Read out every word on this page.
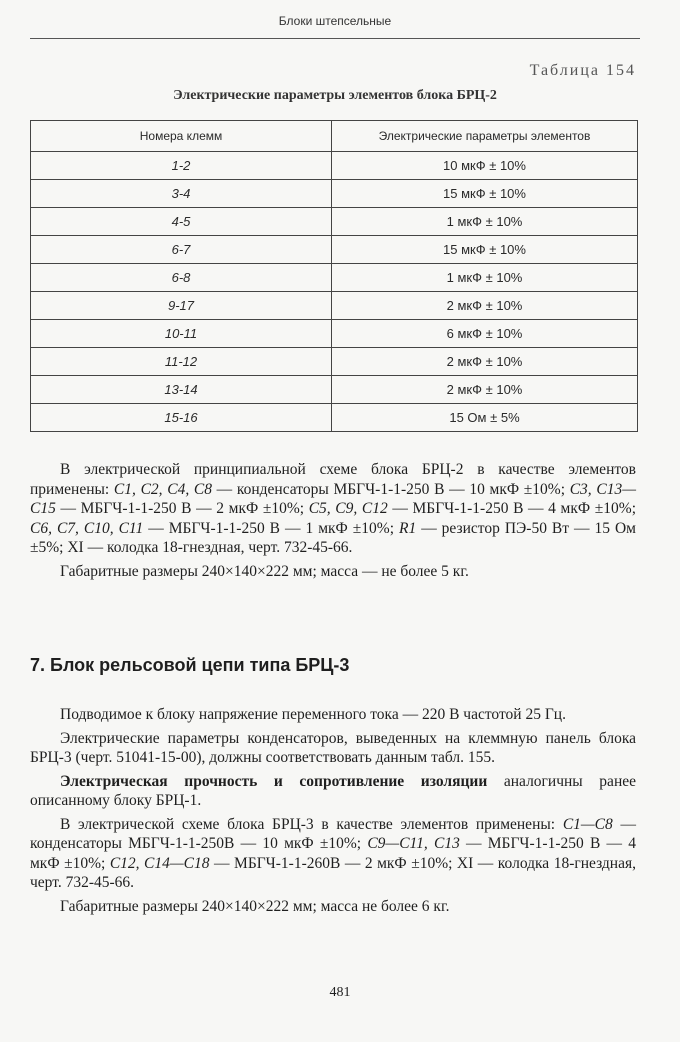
Блоки штепсельные
Таблица 154
Электрические параметры элементов блока БРЦ-2
Номера клемм	Электрические параметры элементов
1-2	10 мкФ ± 10%
3-4	15 мкФ ± 10%
4-5	1 мкФ ± 10%
6-7	15 мкФ ± 10%
6-8	1 мкФ ± 10%
9-17	2 мкФ ± 10%
10-11	6 мкФ ± 10%
11-12	2 мкФ ± 10%
13-14	2 мкФ ± 10%
15-16	15 Ом ± 5%

В электрической принципиальной схеме блока БРЦ-2 в качестве элементов применены: C1, C2, C4, C8 — конденсаторы МБГЧ-1-1-250 В — 10 мкФ ±10%; C3, C13—C15 — МБГЧ-1-1-250 В — 2 мкФ ±10%; C5, C9, C12 — МБГЧ-1-1-250 В — 4 мкФ ±10%; C6, C7, C10, C11 — МБГЧ-1-1-250 В — 1 мкФ ±10%; R1 — резистор ПЭ-50 Вт — 15 Ом ±5%; XI — колодка 18-гнездная, черт. 732-45-66.

Габаритные размеры 240×140×222 мм; масса — не более 5 кг.

7. Блок рельсовой цепи типа БРЦ-3

Подводимое к блоку напряжение переменного тока — 220 В частотой 25 Гц.

Электрические параметры конденсаторов, выведенных на клеммную панель блока БРЦ-3 (черт. 51041-15-00), должны соответствовать данным табл. 155.

Электрическая прочность и сопротивление изоляции аналогичны ранее описанному блоку БРЦ-1.

В электрической схеме блока БРЦ-3 в качестве элементов применены: C1—C8 — конденсаторы МБГЧ-1-1-250В — 10 мкФ ±10%; C9—C11, C13 — МБГЧ-1-1-250 В — 4 мкФ ±10%; C12, C14—C18 — МБГЧ-1-1-260В — 2 мкФ ±10%; XI — колодка 18-гнездная, черт. 732-45-66.

Габаритные размеры 240×140×222 мм; масса не более 6 кг.

481
